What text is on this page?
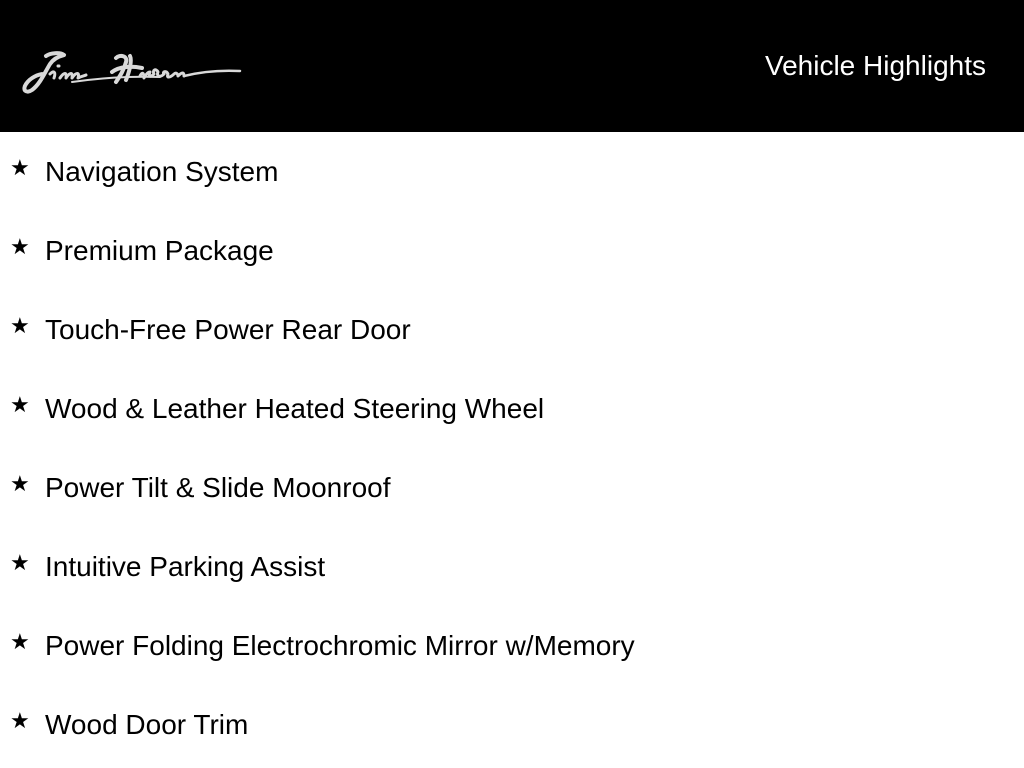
Vehicle Highlights
★ Navigation System
★ Premium Package
★ Touch-Free Power Rear Door
★ Wood & Leather Heated Steering Wheel
★ Power Tilt & Slide Moonroof
★ Intuitive Parking Assist
★ Power Folding Electrochromic Mirror w/Memory
★ Wood Door Trim
